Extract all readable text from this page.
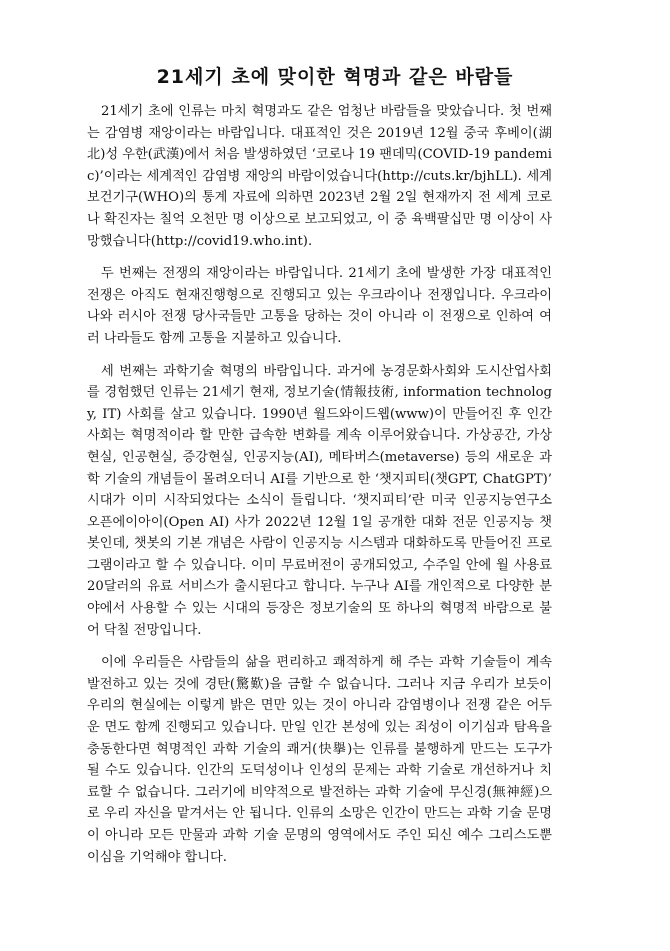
21세기 초에 맞이한 혁명과 같은 바람들

21세기 초에 인류는 마치 혁명과도 같은 엄청난 바람들을 맞았습니다. 첫 번째는 감염병 재앙이라는 바람입니다. 대표적인 것은 2019년 12월 중국 후베이(湖北)성 우한(武漢)에서 처음 발생하였던 ‘코로나 19 팬데믹(COVID-19 pandemic)’이라는 세계적인 감염병 재앙의 바람이었습니다(http://cuts.kr/bjhLL). 세계 보건기구(WHO)의 통계 자료에 의하면 2023년 2월 2일 현재까지 전 세계 코로나 확진자는 칠억 오천만 명 이상으로 보고되었고, 이 중 육백팔십만 명 이상이 사망했습니다(http://covid19.who.int).

두 번째는 전쟁의 재앙이라는 바람입니다. 21세기 초에 발생한 가장 대표적인 전쟁은 아직도 현재진행형으로 진행되고 있는 우크라이나 전쟁입니다. 우크라이나와 러시아 전쟁 당사국들만 고통을 당하는 것이 아니라 이 전쟁으로 인하여 여러 나라들도 함께 고통을 지불하고 있습니다.

세 번째는 과학기술 혁명의 바람입니다. 과거에 농경문화사회와 도시산업사회를 경험했던 인류는 21세기 현재, 정보기술(情報技術, information technology, IT) 사회를 살고 있습니다. 1990년 월드와이드웹(www)이 만들어진 후 인간 사회는 혁명적이라 할 만한 급속한 변화를 계속 이루어왔습니다. 가상공간, 가상현실, 인공현실, 증강현실, 인공지능(AI), 메타버스(metaverse) 등의 새로운 과학 기술의 개념들이 몰려오더니 AI를 기반으로 한 ‘챗지피티(챗GPT, ChatGPT)’ 시대가 이미 시작되었다는 소식이 들립니다. ‘챗지피티’란 미국 인공지능연구소 오픈에이아이(Open AI) 사가 2022년 12월 1일 공개한 대화 전문 인공지능 챗봇인데, 챗봇의 기본 개념은 사람이 인공지능 시스템과 대화하도록 만들어진 프로그램이라고 할 수 있습니다. 이미 무료버전이 공개되었고, 수주일 안에 월 사용료 20달러의 유료 서비스가 출시된다고 합니다. 누구나 AI를 개인적으로 다양한 분야에서 사용할 수 있는 시대의 등장은 정보기술의 또 하나의 혁명적 바람으로 불어 닥칠 전망입니다.

이에 우리들은 사람들의 삶을 편리하고 쾌적하게 해 주는 과학 기술들이 계속 발전하고 있는 것에 경탄(驚歎)을 금할 수 없습니다. 그러나 지금 우리가 보듯이 우리의 현실에는 이렇게 밝은 면만 있는 것이 아니라 감염병이나 전쟁 같은 어두운 면도 함께 진행되고 있습니다. 만일 인간 본성에 있는 죄성이 이기심과 탐욕을 충동한다면 혁명적인 과학 기술의 쾌거(快擧)는 인류를 불행하게 만드는 도구가 될 수도 있습니다. 인간의 도덕성이나 인성의 문제는 과학 기술로 개선하거나 치료할 수 없습니다. 그러기에 비약적으로 발전하는 과학 기술에 무신경(無神經)으로 우리 자신을 맡겨서는 안 됩니다. 인류의 소망은 인간이 만드는 과학 기술 문명이 아니라 모든 만물과 과학 기술 문명의 영역에서도 주인 되신 예수 그리스도뿐이심을 기억해야 합니다.
